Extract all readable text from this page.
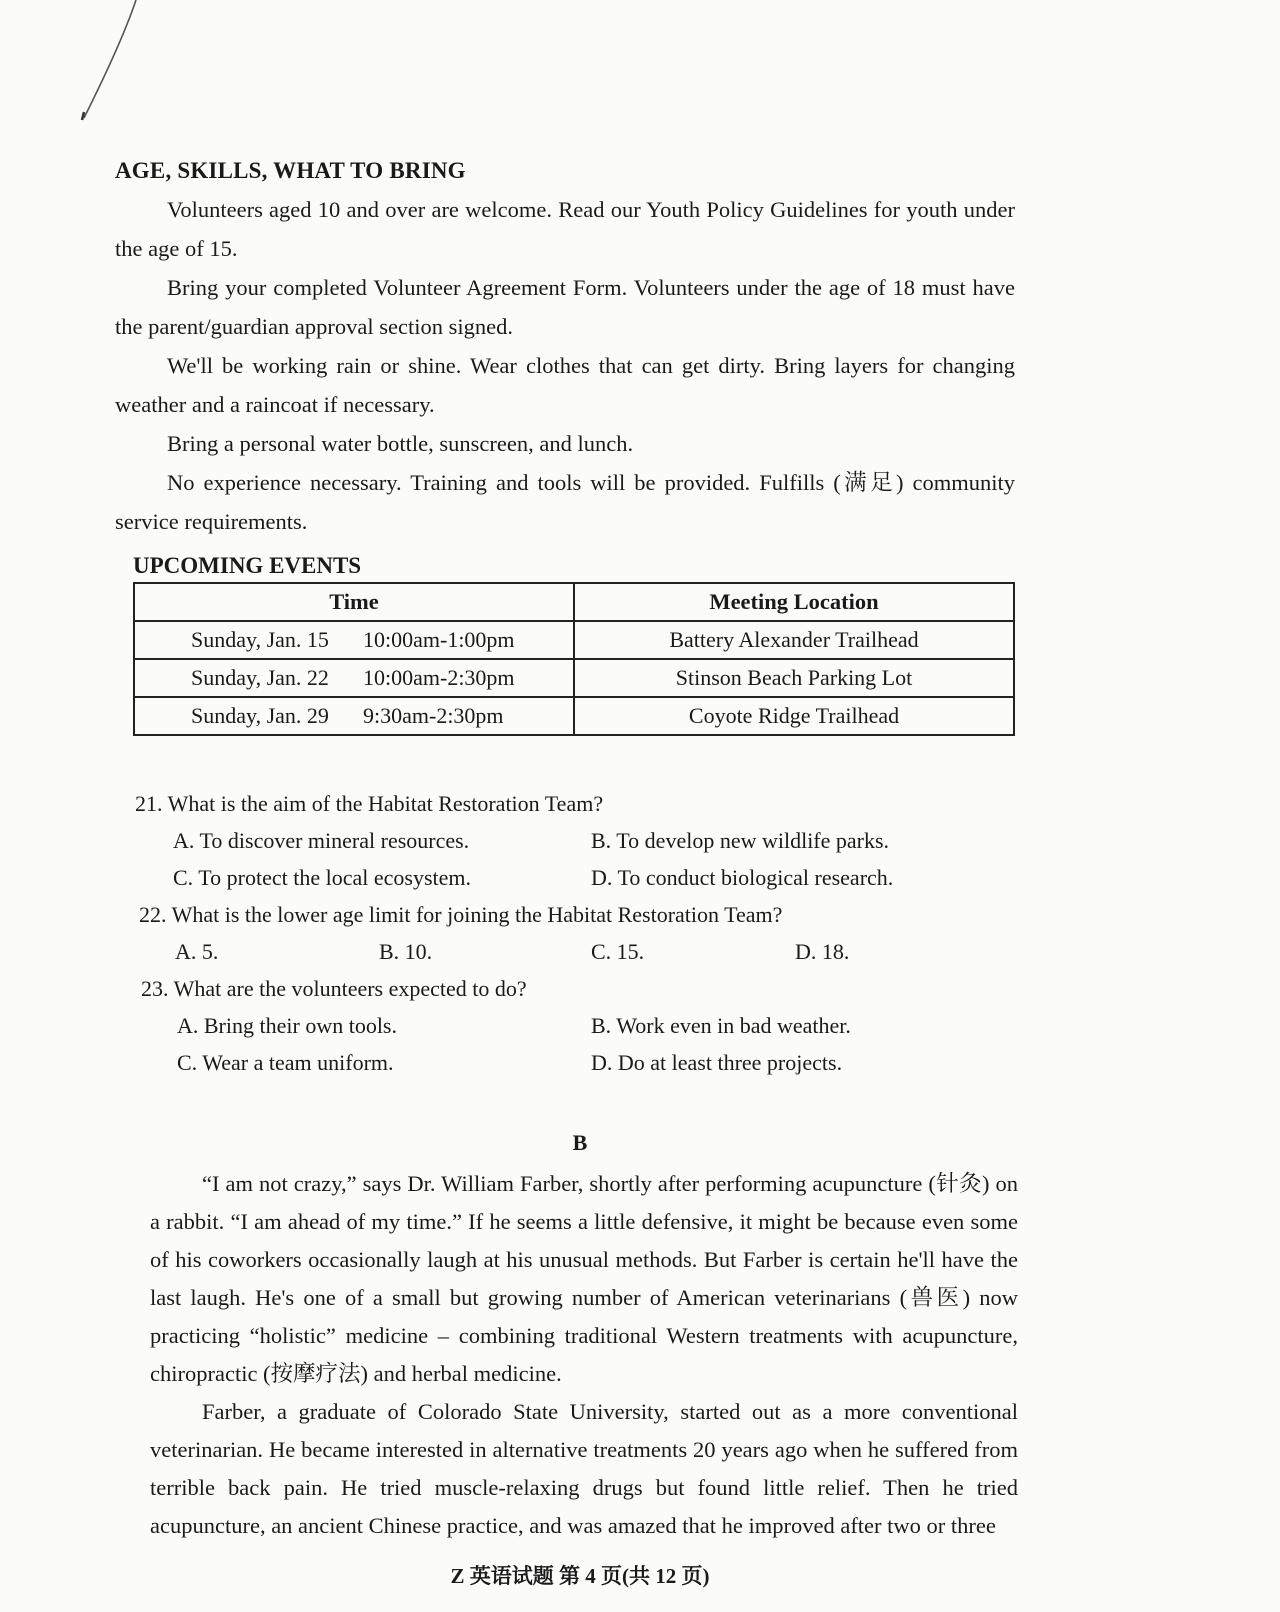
AGE, SKILLS, WHAT TO BRING

Volunteers aged 10 and over are welcome. Read our Youth Policy Guidelines for youth under the age of 15.

Bring your completed Volunteer Agreement Form. Volunteers under the age of 18 must have the parent/guardian approval section signed.

We'll be working rain or shine. Wear clothes that can get dirty. Bring layers for changing weather and a raincoat if necessary.

Bring a personal water bottle, sunscreen, and lunch.

No experience necessary. Training and tools will be provided. Fulfills (满足) community service requirements.

UPCOMING EVENTS
Time	Meeting Location
Sunday, Jan. 15 10:00am-1:00pm	Battery Alexander Trailhead
Sunday, Jan. 22 10:00am-2:30pm	Stinson Beach Parking Lot
Sunday, Jan. 29 9:30am-2:30pm	Coyote Ridge Trailhead
21. What is the aim of the Habitat Restoration Team?
A. To discover mineral resources.	B. To develop new wildlife parks.
C. To protect the local ecosystem.	D. To conduct biological research.
22. What is the lower age limit for joining the Habitat Restoration Team?
A. 5.	B. 10.	C. 15.	D. 18.
23. What are the volunteers expected to do?
A. Bring their own tools.	B. Work even in bad weather.
C. Wear a team uniform.	D. Do at least three projects.
B

“I am not crazy,” says Dr. William Farber, shortly after performing acupuncture (针灸) on a rabbit. “I am ahead of my time.” If he seems a little defensive, it might be because even some of his coworkers occasionally laugh at his unusual methods. But Farber is certain he'll have the last laugh. He's one of a small but growing number of American veterinarians (兽医) now practicing “holistic” medicine – combining traditional Western treatments with acupuncture, chiropractic (按摩疗法) and herbal medicine.

Farber, a graduate of Colorado State University, started out as a more conventional veterinarian. He became interested in alternative treatments 20 years ago when he suffered from terrible back pain. He tried muscle-relaxing drugs but found little relief. Then he tried acupuncture, an ancient Chinese practice, and was amazed that he improved after two or three

Z 英语试题 第 4 页(共 12 页)
